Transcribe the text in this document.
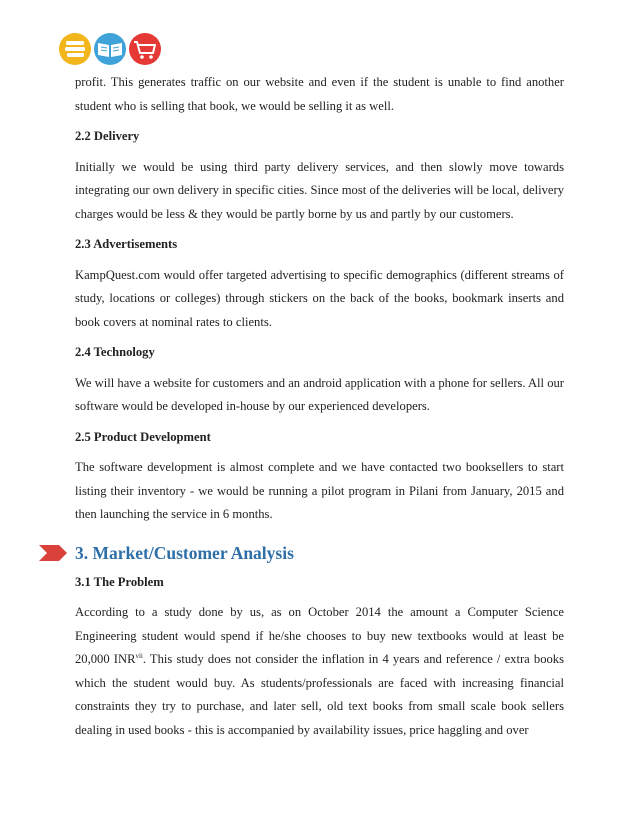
profit. This generates traffic on our website and even if the student is unable to find another student who is selling that book, we would be selling it as well.

2.2 Delivery

Initially we would be using third party delivery services, and then slowly move towards integrating our own delivery in specific cities. Since most of the deliveries will be local, delivery charges would be less & they would be partly borne by us and partly by our customers.

2.3 Advertisements

KampQuest.com would offer targeted advertising to specific demographics (different streams of study, locations or colleges) through stickers on the back of the books, bookmark inserts and book covers at nominal rates to clients.

2.4 Technology

We will have a website for customers and an android application with a phone for sellers. All our software would be developed in-house by our experienced developers.

2.5 Product Development

The software development is almost complete and we have contacted two booksellers to start listing their inventory - we would be running a pilot program in Pilani from January, 2015 and then launching the service in 6 months.

3. Market/Customer Analysis

3.1 The Problem

According to a study done by us, as on October 2014 the amount a Computer Science Engineering student would spend if he/she chooses to buy new textbooks would at least be 20,000 INR$^{vii}$. This study does not consider the inflation in 4 years and reference / extra books which the student would buy. As students/professionals are faced with increasing financial constraints they try to purchase, and later sell, old text books from small scale book sellers dealing in used books - this is accompanied by availability issues, price haggling and over
